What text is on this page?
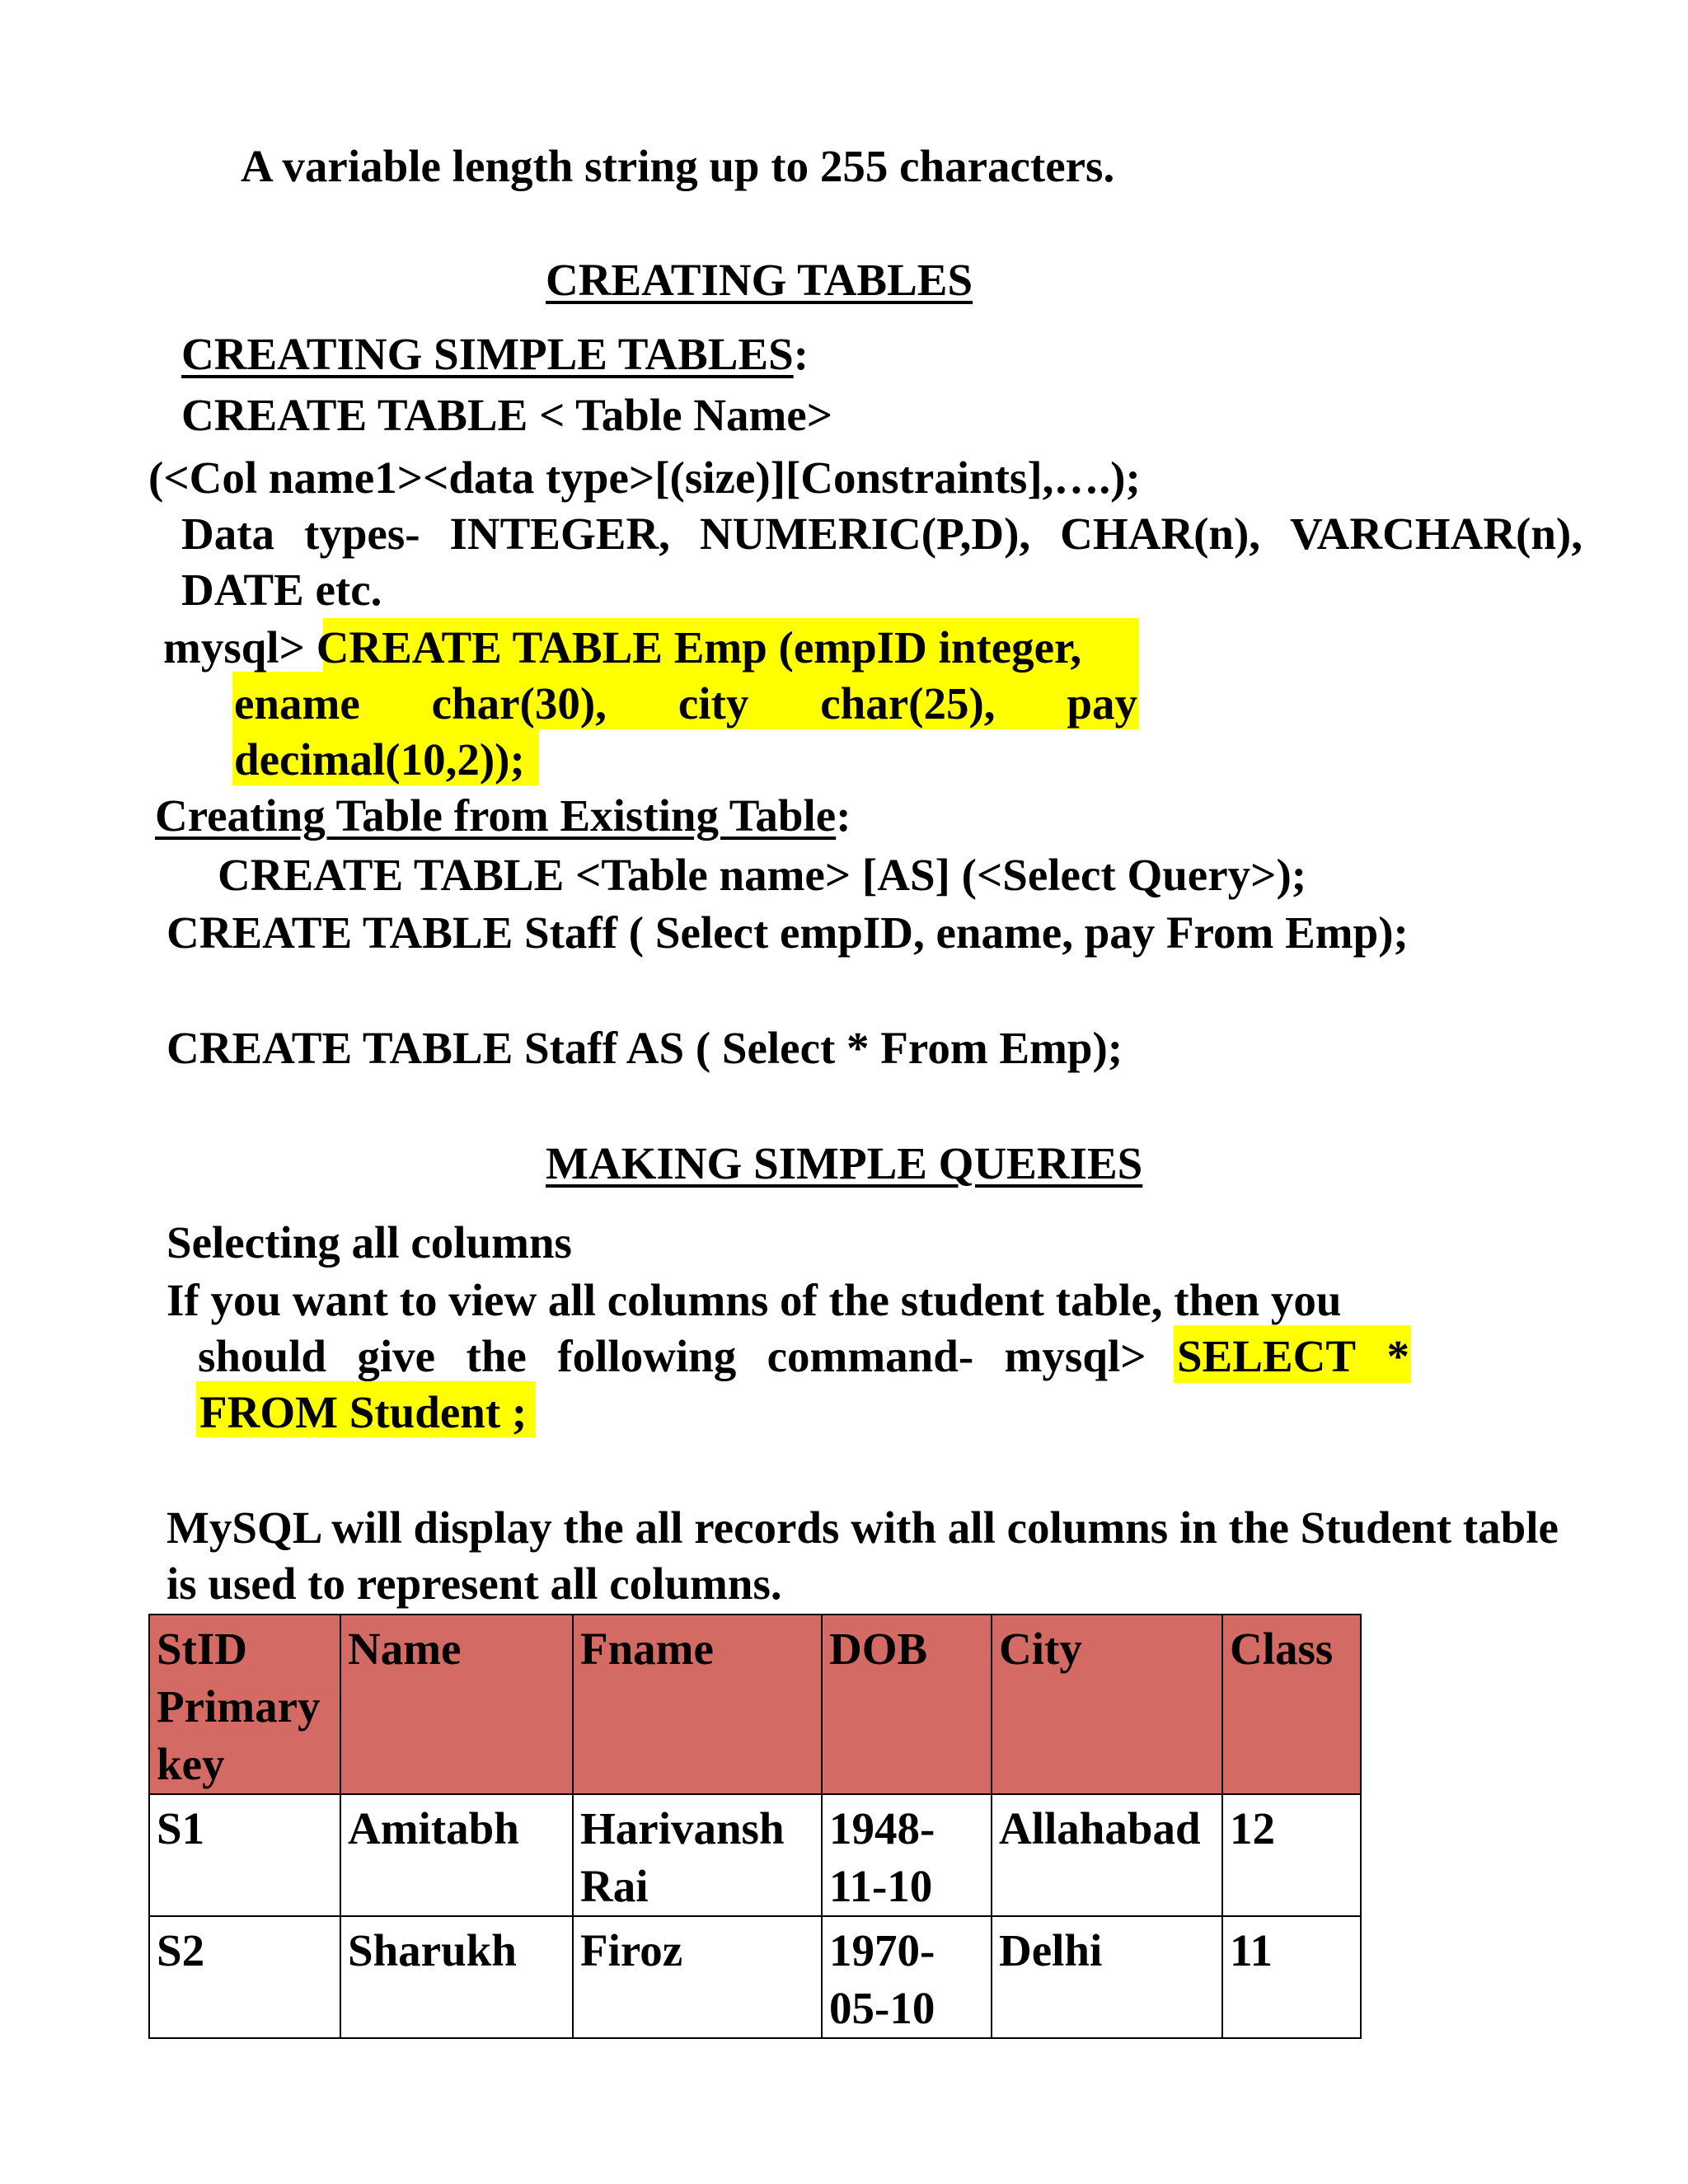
A variable length string up to 255 characters.
CREATING TABLES
CREATING SIMPLE TABLES:
CREATE TABLE < Table Name>
(<Col name1><data type>[(size)][Constraints],….);
Data types- INTEGER, NUMERIC(P,D), CHAR(n), VARCHAR(n),
DATE etc.
mysql> CREATE TABLE Emp (empID integer,
ename char(30), city char(25), pay
decimal(10,2));
Creating Table from Existing Table:
CREATE TABLE <Table name> [AS] (<Select Query>);
CREATE TABLE Staff ( Select empID, ename, pay From Emp);
CREATE TABLE Staff AS ( Select * From Emp);
MAKING SIMPLE QUERIES
Selecting all columns
If you want to view all columns of the student table, then you
should give the following command- mysql> SELECT *
FROM Student ;
MySQL will display the all records with all columns in the Student table
is used to represent all columns.
StID Primary key	Name	Fname	DOB	City	Class
S1	Amitabh	Harivansh Rai	1948-11-10	Allahabad	12
S2	Sharukh	Firoz	1970-05-10	Delhi	11
